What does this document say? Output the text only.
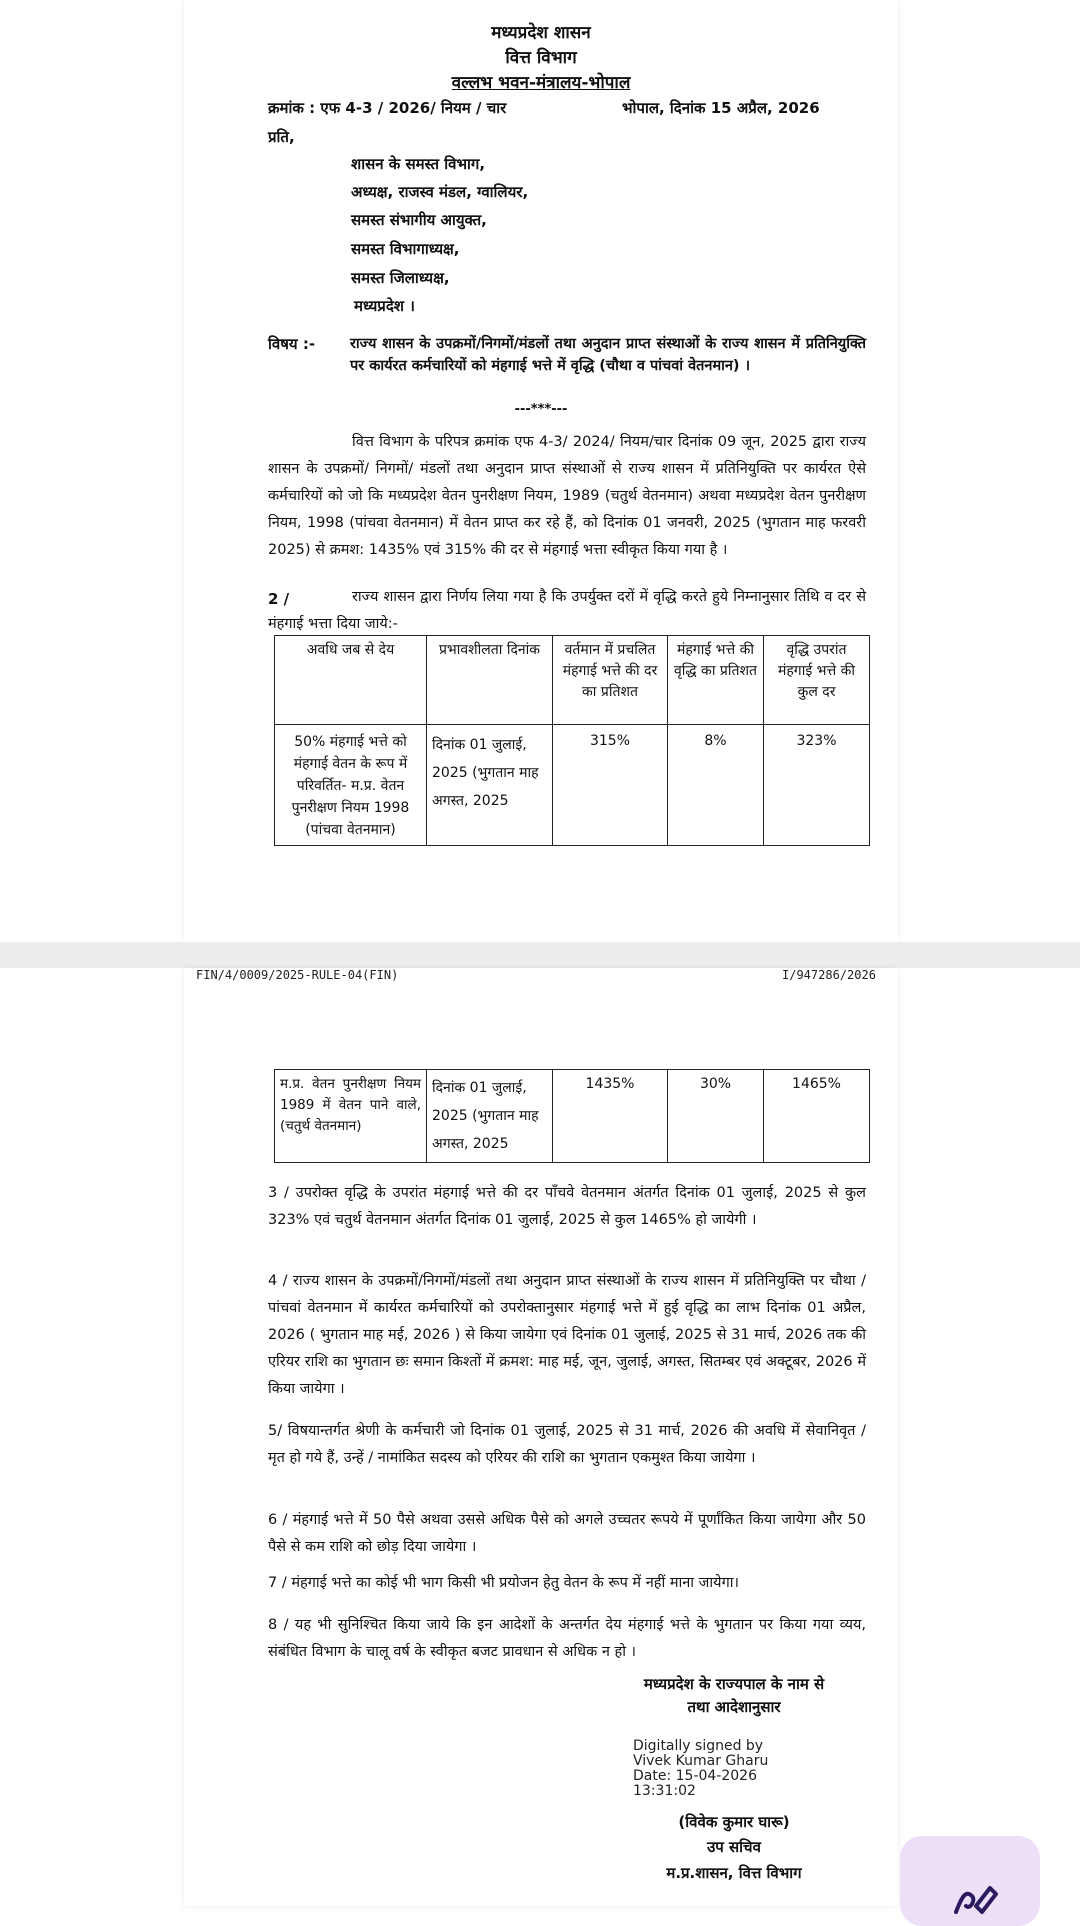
मध्यप्रदेश शासन
वित्त विभाग
वल्लभ भवन-मंत्रालय-भोपाल
क्रमांक : एफ 4-3 / 2026/ नियम / चार	भोपाल, दिनांक 15 अप्रैल, 2026
प्रति,
शासन के समस्त विभाग,
अध्यक्ष, राजस्व मंडल, ग्वालियर,
समस्त संभागीय आयुक्त,
समस्त विभागाध्यक्ष,
समस्त जिलाध्यक्ष,
मध्यप्रदेश ।
विषय :- राज्य शासन के उपक्रमों/निगमों/मंडलों तथा अनुदान प्राप्त संस्थाओं के राज्य शासन में प्रतिनियुक्ति पर कार्यरत कर्मचारियों को मंहगाई भत्ते में वृद्धि (चौथा व पांचवां वेतनमान) ।
---***---

वित्त विभाग के परिपत्र क्रमांक एफ 4-3/ 2024/ नियम/चार दिनांक 09 जून, 2025 द्वारा राज्य शासन के उपक्रमों/ निगमों/ मंडलों तथा अनुदान प्राप्त संस्थाओं से राज्य शासन में प्रतिनियुक्ति पर कार्यरत ऐसे कर्मचारियों को जो कि मध्यप्रदेश वेतन पुनरीक्षण नियम, 1989 (चतुर्थ वेतनमान) अथवा मध्यप्रदेश वेतन पुनरीक्षण नियम, 1998 (पांचवा वेतनमान) में वेतन प्राप्त कर रहे हैं, को दिनांक 01 जनवरी, 2025 (भुगतान माह फरवरी 2025) से क्रमश: 1435% एवं 315% की दर से मंहगाई भत्ता स्वीकृत किया गया है ।

2 /	राज्य शासन द्वारा निर्णय लिया गया है कि उपर्युक्त दरों में वृद्धि करते हुये निम्नानुसार तिथि व दर से मंहगाई भत्ता दिया जाये:-

अवधि जब से देय	प्रभावशीलता दिनांक	वर्तमान में प्रचलित मंहगाई भत्ते की दर का प्रतिशत	मंहगाई भत्ते की वृद्धि का प्रतिशत	वृद्धि उपरांत मंहगाई भत्ते की कुल दर
50% मंहगाई भत्ते को मंहगाई वेतन के रूप में परिवर्तित- म.प्र. वेतन पुनरीक्षण नियम 1998 (पांचवा वेतनमान)	दिनांक 01 जुलाई, 2025 (भुगतान माह अगस्त, 2025	315%	8%	323%
FIN/4/0009/2025-RULE-04(FIN)	I/947286/2026
म.प्र. वेतन पुनरीक्षण नियम 1989 में वेतन पाने वाले, (चतुर्थ वेतनमान)	दिनांक 01 जुलाई, 2025 (भुगतान माह अगस्त, 2025	1435%	30%	1465%

3 / उपरोक्त वृद्धि के उपरांत मंहगाई भत्ते की दर पाँचवे वेतनमान अंतर्गत दिनांक 01 जुलाई, 2025 से कुल 323% एवं चतुर्थ वेतनमान अंतर्गत दिनांक 01 जुलाई, 2025 से कुल 1465% हो जायेगी ।

4 / राज्य शासन के उपक्रमों/निगमों/मंडलों तथा अनुदान प्राप्त संस्थाओं के राज्य शासन में प्रतिनियुक्ति पर चौथा / पांचवां वेतनमान में कार्यरत कर्मचारियों को उपरोक्तानुसार मंहगाई भत्ते में हुई वृद्धि का लाभ दिनांक 01 अप्रैल, 2026 ( भुगतान माह मई, 2026 ) से किया जायेगा एवं दिनांक 01 जुलाई, 2025 से 31 मार्च, 2026 तक की एरियर राशि का भुगतान छः समान किश्तों में क्रमश: माह मई, जून, जुलाई, अगस्त, सितम्बर एवं अक्टूबर, 2026 में किया जायेगा ।

5/ विषयान्तर्गत श्रेणी के कर्मचारी जो दिनांक 01 जुलाई, 2025 से 31 मार्च, 2026 की अवधि में सेवानिवृत / मृत हो गये हैं, उन्हें / नामांकित सदस्य को एरियर की राशि का भुगतान एकमुश्त किया जायेगा ।

6 / मंहगाई भत्ते में 50 पैसे अथवा उससे अधिक पैसे को अगले उच्चतर रूपये में पूर्णांकित किया जायेगा और 50 पैसे से कम राशि को छोड़ दिया जायेगा ।

7 / मंहगाई भत्ते का कोई भी भाग किसी भी प्रयोजन हेतु वेतन के रूप में नहीं माना जायेगा।

8 / यह भी सुनिश्चित किया जाये कि इन आदेशों के अन्तर्गत देय मंहगाई भत्ते के भुगतान पर किया गया व्यय, संबंधित विभाग के चालू वर्ष के स्वीकृत बजट प्रावधान से अधिक न हो ।

मध्यप्रदेश के राज्यपाल के नाम से
तथा आदेशानुसार
Digitally signed by
Vivek Kumar Gharu
Date: 15-04-2026
13:31:02
(विवेक कुमार घारू)
उप सचिव
म.प्र.शासन, वित्त विभाग
